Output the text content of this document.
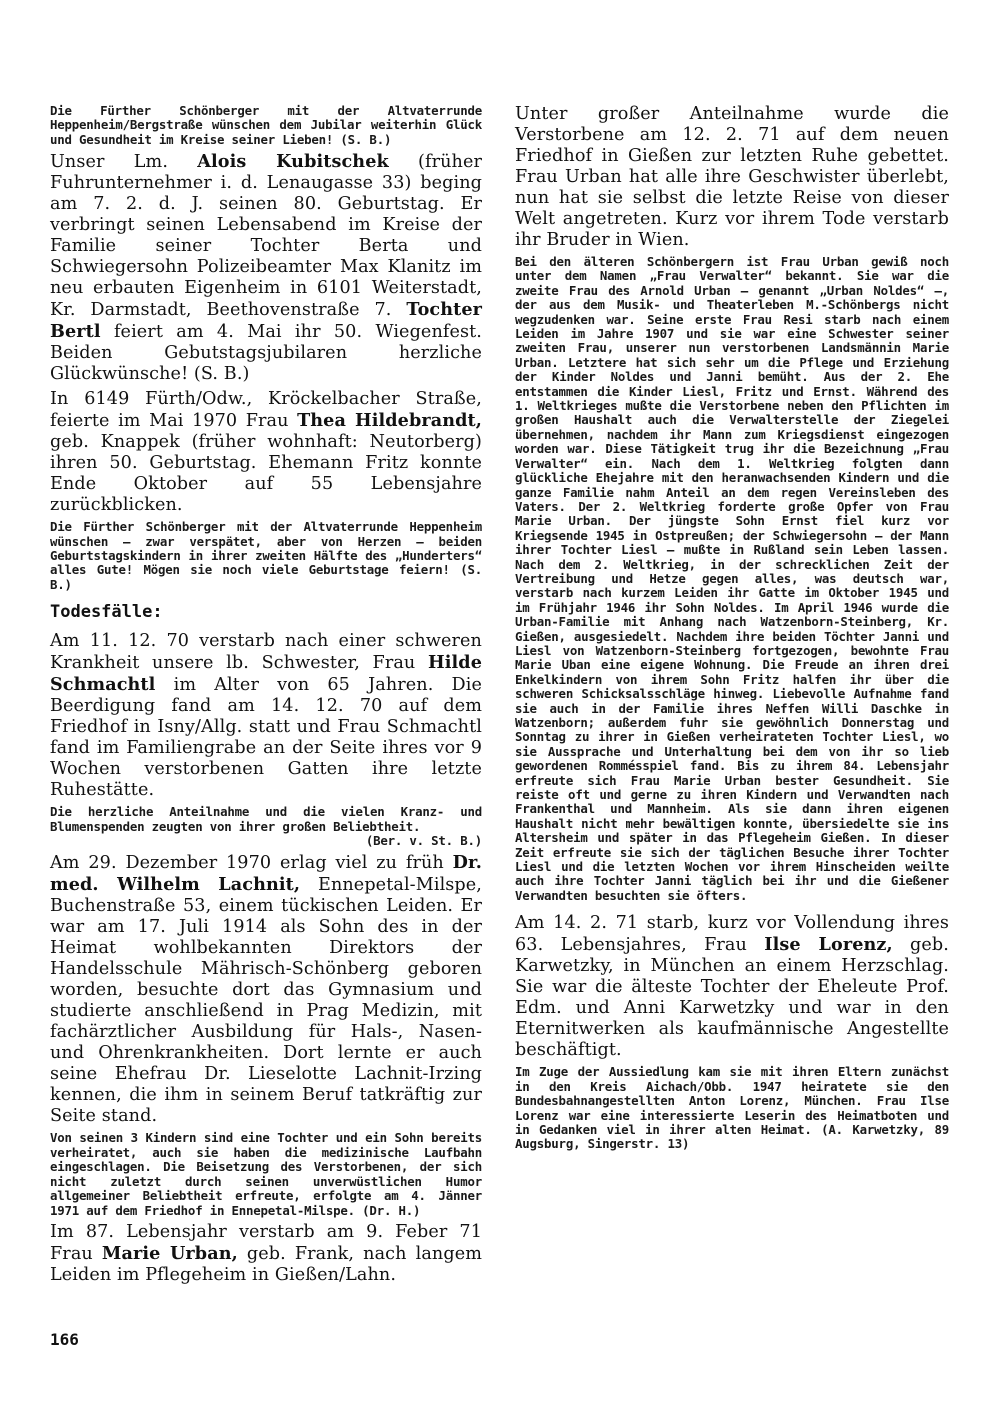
Die Fürther Schönberger mit der Altvaterrunde Heppenheim/Bergstraße wünschen dem Jubilar weiterhin Glück und Gesundheit im Kreise seiner Lieben! (S. B.)

Unser Lm. Alois Kubitschek (früher Fuhrunternehmer i. d. Lenaugasse 33) beging am 7. 2. d. J. seinen 80. Geburtstag. Er verbringt seinen Lebensabend im Kreise der Familie seiner Tochter Berta und Schwiegersohn Polizeibeamter Max Klanitz im neu erbauten Eigenheim in 6101 Weiterstadt, Kr. Darmstadt, Beethovenstraße 7. Tochter Bertl feiert am 4. Mai ihr 50. Wiegenfest. Beiden Gebutstagsjubilaren herzliche Glückwünsche! (S. B.)

In 6149 Fürth/Odw., Kröckelbacher Straße, feierte im Mai 1970 Frau Thea Hildebrandt, geb. Knappek (früher wohnhaft: Neutorberg) ihren 50. Geburtstag. Ehemann Fritz konnte Ende Oktober auf 55 Lebensjahre zurückblicken.

Die Fürther Schönberger mit der Altvaterrunde Heppenheim wünschen – zwar verspätet, aber von Herzen – beiden Geburtstagskindern in ihrer zweiten Hälfte des „Hunderters“ alles Gute! Mögen sie noch viele Geburtstage feiern! (S. B.)

Todesfälle:

Am 11. 12. 70 verstarb nach einer schweren Krankheit unsere lb. Schwester, Frau Hilde Schmachtl im Alter von 65 Jahren. Die Beerdigung fand am 14. 12. 70 auf dem Friedhof in Isny/Allg. statt und Frau Schmachtl fand im Familiengrabe an der Seite ihres vor 9 Wochen verstorbenen Gatten ihre letzte Ruhestätte.

Die herzliche Anteilnahme und die vielen Kranz- und Blumenspenden zeugten von ihrer großen Beliebtheit.

(Ber. v. St. B.)

Am 29. Dezember 1970 erlag viel zu früh Dr. med. Wilhelm Lachnit, Ennepetal-Milspe, Buchenstraße 53, einem tückischen Leiden. Er war am 17. Juli 1914 als Sohn des in der Heimat wohlbekannten Direktors der Handelsschule Mährisch-Schönberg geboren worden, besuchte dort das Gymnasium und studierte anschließend in Prag Medizin, mit fachärztlicher Ausbildung für Hals-, Nasen- und Ohrenkrankheiten. Dort lernte er auch seine Ehefrau Dr. Lieselotte Lachnit-Irzing kennen, die ihm in seinem Beruf tatkräftig zur Seite stand.

Von seinen 3 Kindern sind eine Tochter und ein Sohn bereits verheiratet, auch sie haben die medizinische Laufbahn eingeschlagen. Die Beisetzung des Verstorbenen, der sich nicht zuletzt durch seinen unverwüstlichen Humor allgemeiner Beliebtheit erfreute, erfolgte am 4. Jänner 1971 auf dem Friedhof in Ennepetal-Milspe. (Dr. H.)

Im 87. Lebensjahr verstarb am 9. Feber 71 Frau Marie Urban, geb. Frank, nach langem Leiden im Pflegeheim in Gießen/Lahn.

Unter großer Anteilnahme wurde die Verstorbene am 12. 2. 71 auf dem neuen Friedhof in Gießen zur letzten Ruhe gebettet. Frau Urban hat alle ihre Geschwister überlebt, nun hat sie selbst die letzte Reise von dieser Welt angetreten. Kurz vor ihrem Tode verstarb ihr Bruder in Wien.

Bei den älteren Schönbergern ist Frau Urban gewiß noch unter dem Namen „Frau Verwalter“ bekannt. Sie war die zweite Frau des Arnold Urban – genannt „Urban Noldes“ –, der aus dem Musik- und Theaterleben M.-Schönbergs nicht wegzudenken war. Seine erste Frau Resi starb nach einem Leiden im Jahre 1907 und sie war eine Schwester seiner zweiten Frau, unserer nun verstorbenen Landsmännin Marie Urban. Letztere hat sich sehr um die Pflege und Erziehung der Kinder Noldes und Janni bemüht. Aus der 2. Ehe entstammen die Kinder Liesl, Fritz und Ernst. Während des 1. Weltkrieges mußte die Verstorbene neben den Pflichten im großen Haushalt auch die Verwalterstelle der Ziegelei übernehmen, nachdem ihr Mann zum Kriegsdienst eingezogen worden war. Diese Tätigkeit trug ihr die Bezeichnung „Frau Verwalter“ ein. Nach dem 1. Weltkrieg folgten dann glückliche Ehejahre mit den heranwachsenden Kindern und die ganze Familie nahm Anteil an dem regen Vereinsleben des Vaters. Der 2. Weltkrieg forderte große Opfer von Frau Marie Urban. Der jüngste Sohn Ernst fiel kurz vor Kriegsende 1945 in Ostpreußen; der Schwiegersohn – der Mann ihrer Tochter Liesl – mußte in Rußland sein Leben lassen. Nach dem 2. Weltkrieg, in der schrecklichen Zeit der Vertreibung und Hetze gegen alles, was deutsch war, verstarb nach kurzem Leiden ihr Gatte im Oktober 1945 und im Frühjahr 1946 ihr Sohn Noldes. Im April 1946 wurde die Urban-Familie mit Anhang nach Watzenborn-Steinberg, Kr. Gießen, ausgesiedelt. Nachdem ihre beiden Töchter Janni und Liesl von Watzenborn-Steinberg fortgezogen, bewohnte Frau Marie Uban eine eigene Wohnung. Die Freude an ihren drei Enkelkindern von ihrem Sohn Fritz halfen ihr über die schweren Schicksalsschläge hinweg. Liebevolle Aufnahme fand sie auch in der Familie ihres Neffen Willi Daschke in Watzenborn; außerdem fuhr sie gewöhnlich Donnerstag und Sonntag zu ihrer in Gießen verheirateten Tochter Liesl, wo sie Aussprache und Unterhaltung bei dem von ihr so lieb gewordenen Rommésspiel fand. Bis zu ihrem 84. Lebensjahr erfreute sich Frau Marie Urban bester Gesundheit. Sie reiste oft und gerne zu ihren Kindern und Verwandten nach Frankenthal und Mannheim. Als sie dann ihren eigenen Haushalt nicht mehr bewältigen konnte, übersiedelte sie ins Altersheim und später in das Pflegeheim Gießen. In dieser Zeit erfreute sie sich der täglichen Besuche ihrer Tochter Liesl und die letzten Wochen vor ihrem Hinscheiden weilte auch ihre Tochter Janni täglich bei ihr und die Gießener Verwandten besuchten sie öfters.

Am 14. 2. 71 starb, kurz vor Vollendung ihres 63. Lebensjahres, Frau Ilse Lorenz, geb. Karwetzky, in München an einem Herzschlag. Sie war die älteste Tochter der Eheleute Prof. Edm. und Anni Karwetzky und war in den Eternitwerken als kaufmännische Angestellte beschäftigt.

Im Zuge der Aussiedlung kam sie mit ihren Eltern zunächst in den Kreis Aichach/Obb. 1947 heiratete sie den Bundesbahnangestellten Anton Lorenz, München. Frau Ilse Lorenz war eine interessierte Leserin des Heimatboten und in Gedanken viel in ihrer alten Heimat. (A. Karwetzky, 89 Augsburg, Singerstr. 13)

166
